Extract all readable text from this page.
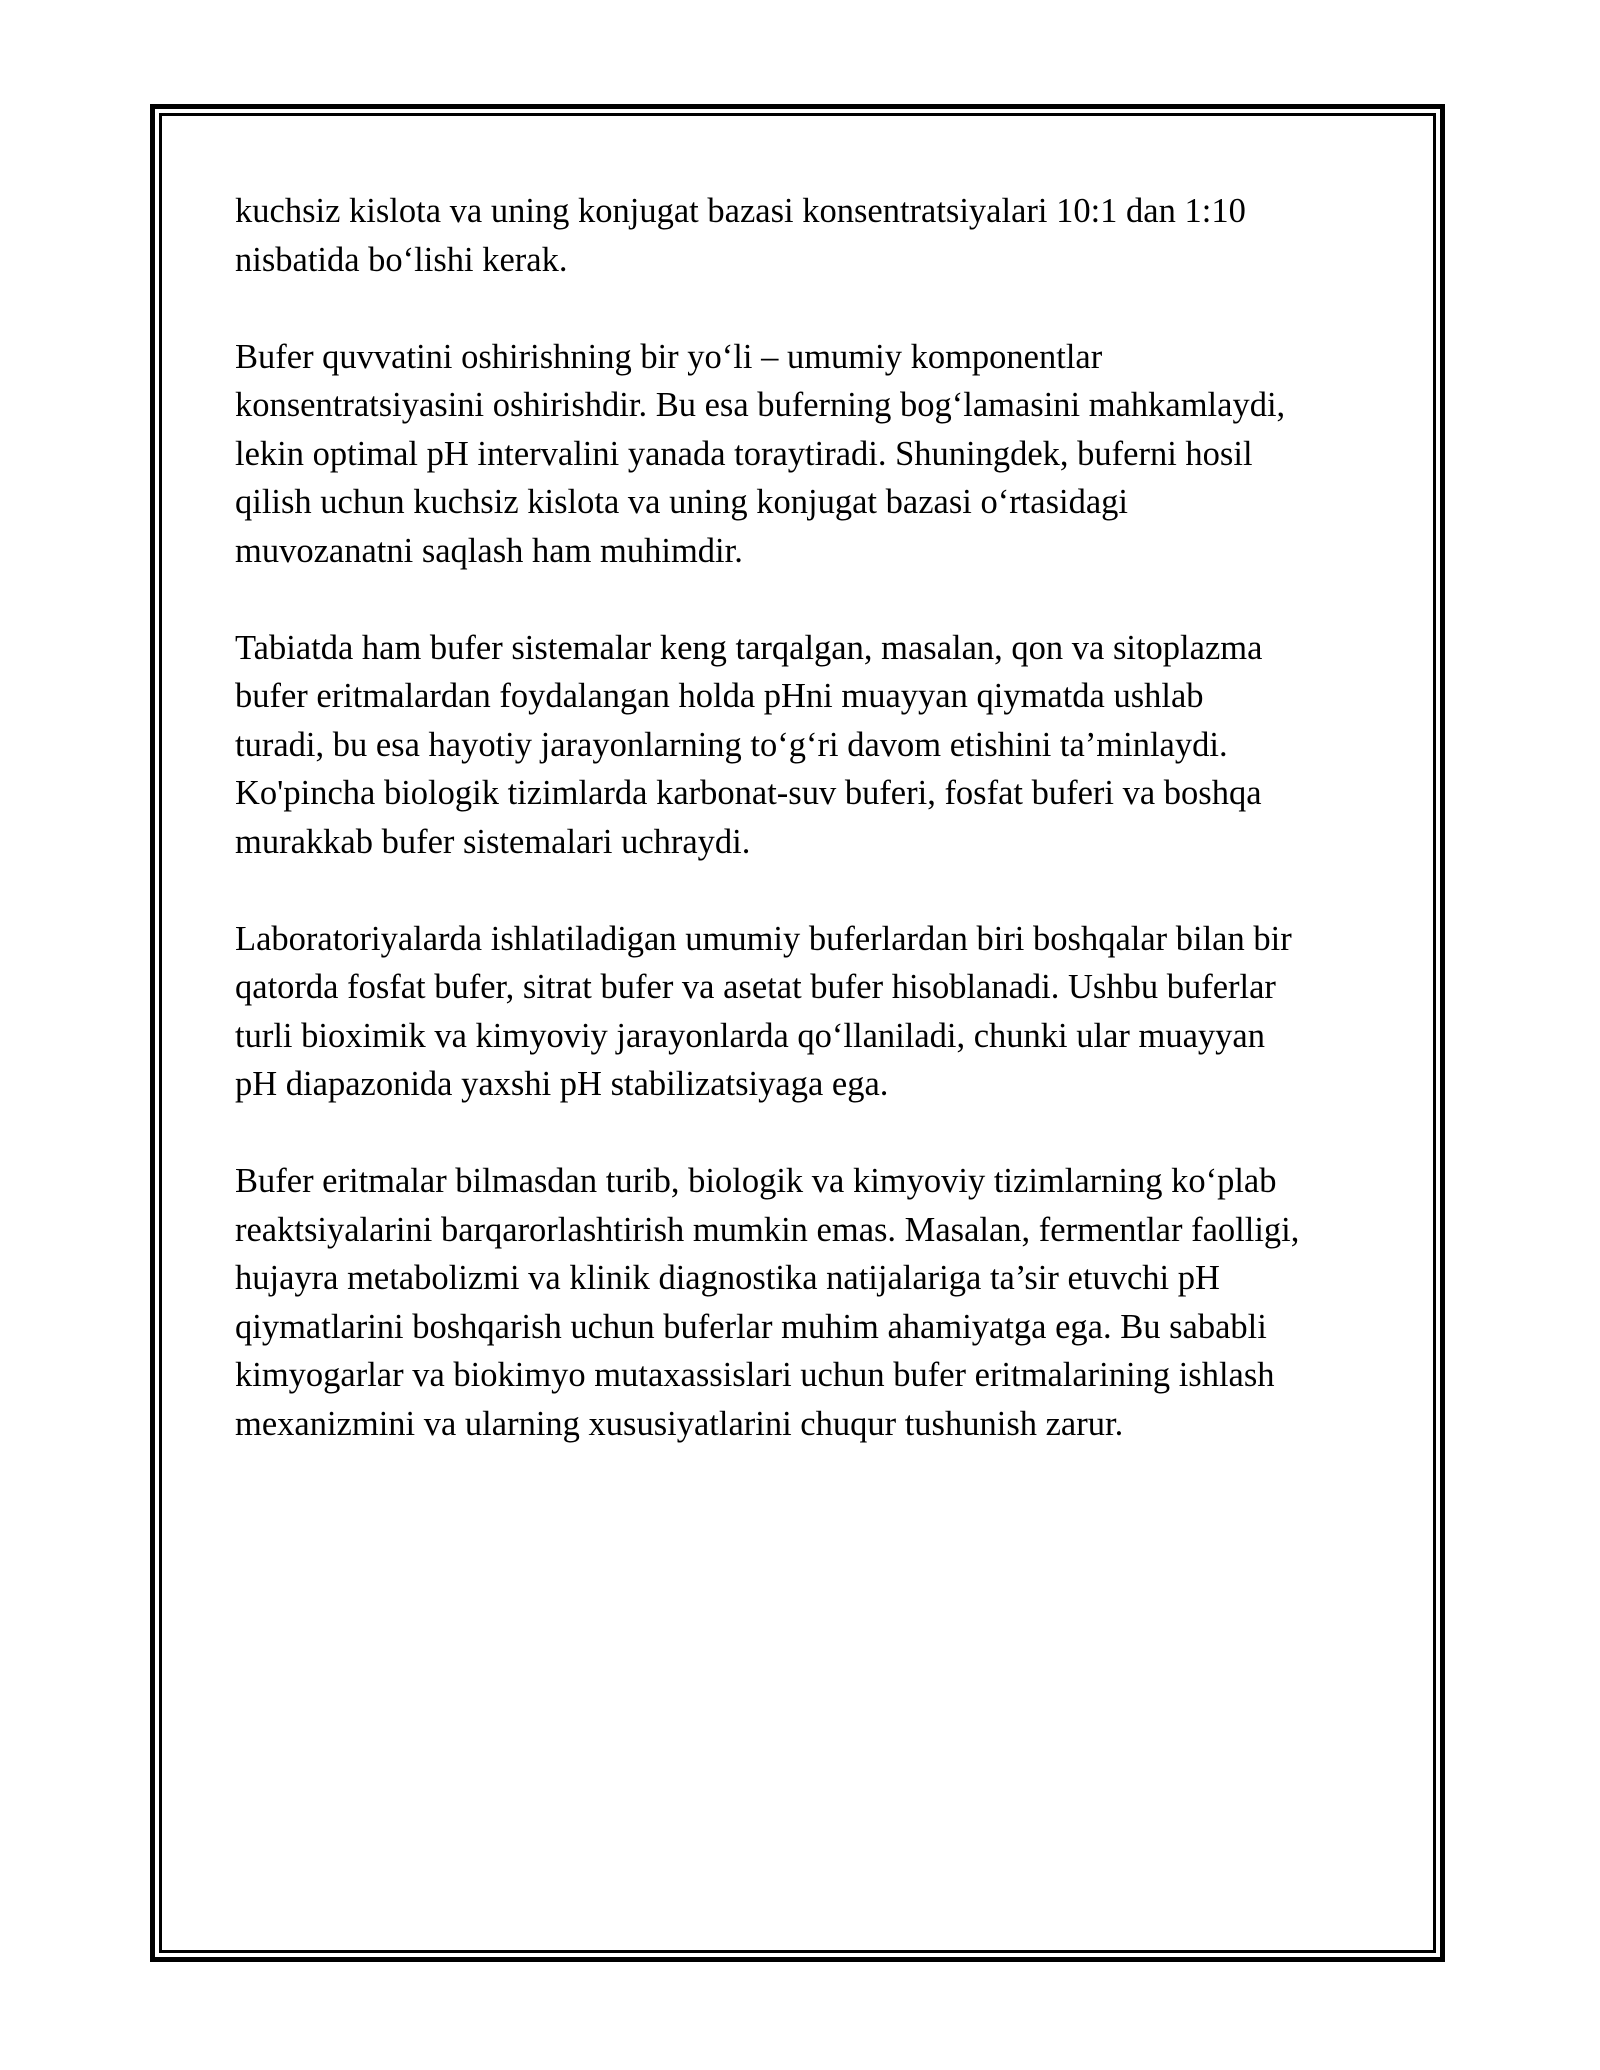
kuchsiz kislota va uning konjugat bazasi konsentratsiyalari 10:1 dan 1:10
nisbatida bo‘lishi kerak.

Bufer quvvatini oshirishning bir yo‘li – umumiy komponentlar
konsentratsiyasini oshirishdir. Bu esa buferning bog‘lamasini mahkamlaydi,
lekin optimal pH intervalini yanada toraytiradi. Shuningdek, buferni hosil
qilish uchun kuchsiz kislota va uning konjugat bazasi o‘rtasidagi
muvozanatni saqlash ham muhimdir.

Tabiatda ham bufer sistemalar keng tarqalgan, masalan, qon va sitoplazma
bufer eritmalardan foydalangan holda pHni muayyan qiymatda ushlab
turadi, bu esa hayotiy jarayonlarning to‘g‘ri davom etishini ta’minlaydi.
Ko'pincha biologik tizimlarda karbonat-suv buferi, fosfat buferi va boshqa
murakkab bufer sistemalari uchraydi.

Laboratoriyalarda ishlatiladigan umumiy buferlardan biri boshqalar bilan bir
qatorda fosfat bufer, sitrat bufer va asetat bufer hisoblanadi. Ushbu buferlar
turli bioximik va kimyoviy jarayonlarda qo‘llaniladi, chunki ular muayyan
pH diapazonida yaxshi pH stabilizatsiyaga ega.

Bufer eritmalar bilmasdan turib, biologik va kimyoviy tizimlarning ko‘plab
reaktsiyalarini barqarorlashtirish mumkin emas. Masalan, fermentlar faolligi,
hujayra metabolizmi va klinik diagnostika natijalariga ta’sir etuvchi pH
qiymatlarini boshqarish uchun buferlar muhim ahamiyatga ega. Bu sababli
kimyogarlar va biokimyo mutaxassislari uchun bufer eritmalarining ishlash
mexanizmini va ularning xususiyatlarini chuqur tushunish zarur.
